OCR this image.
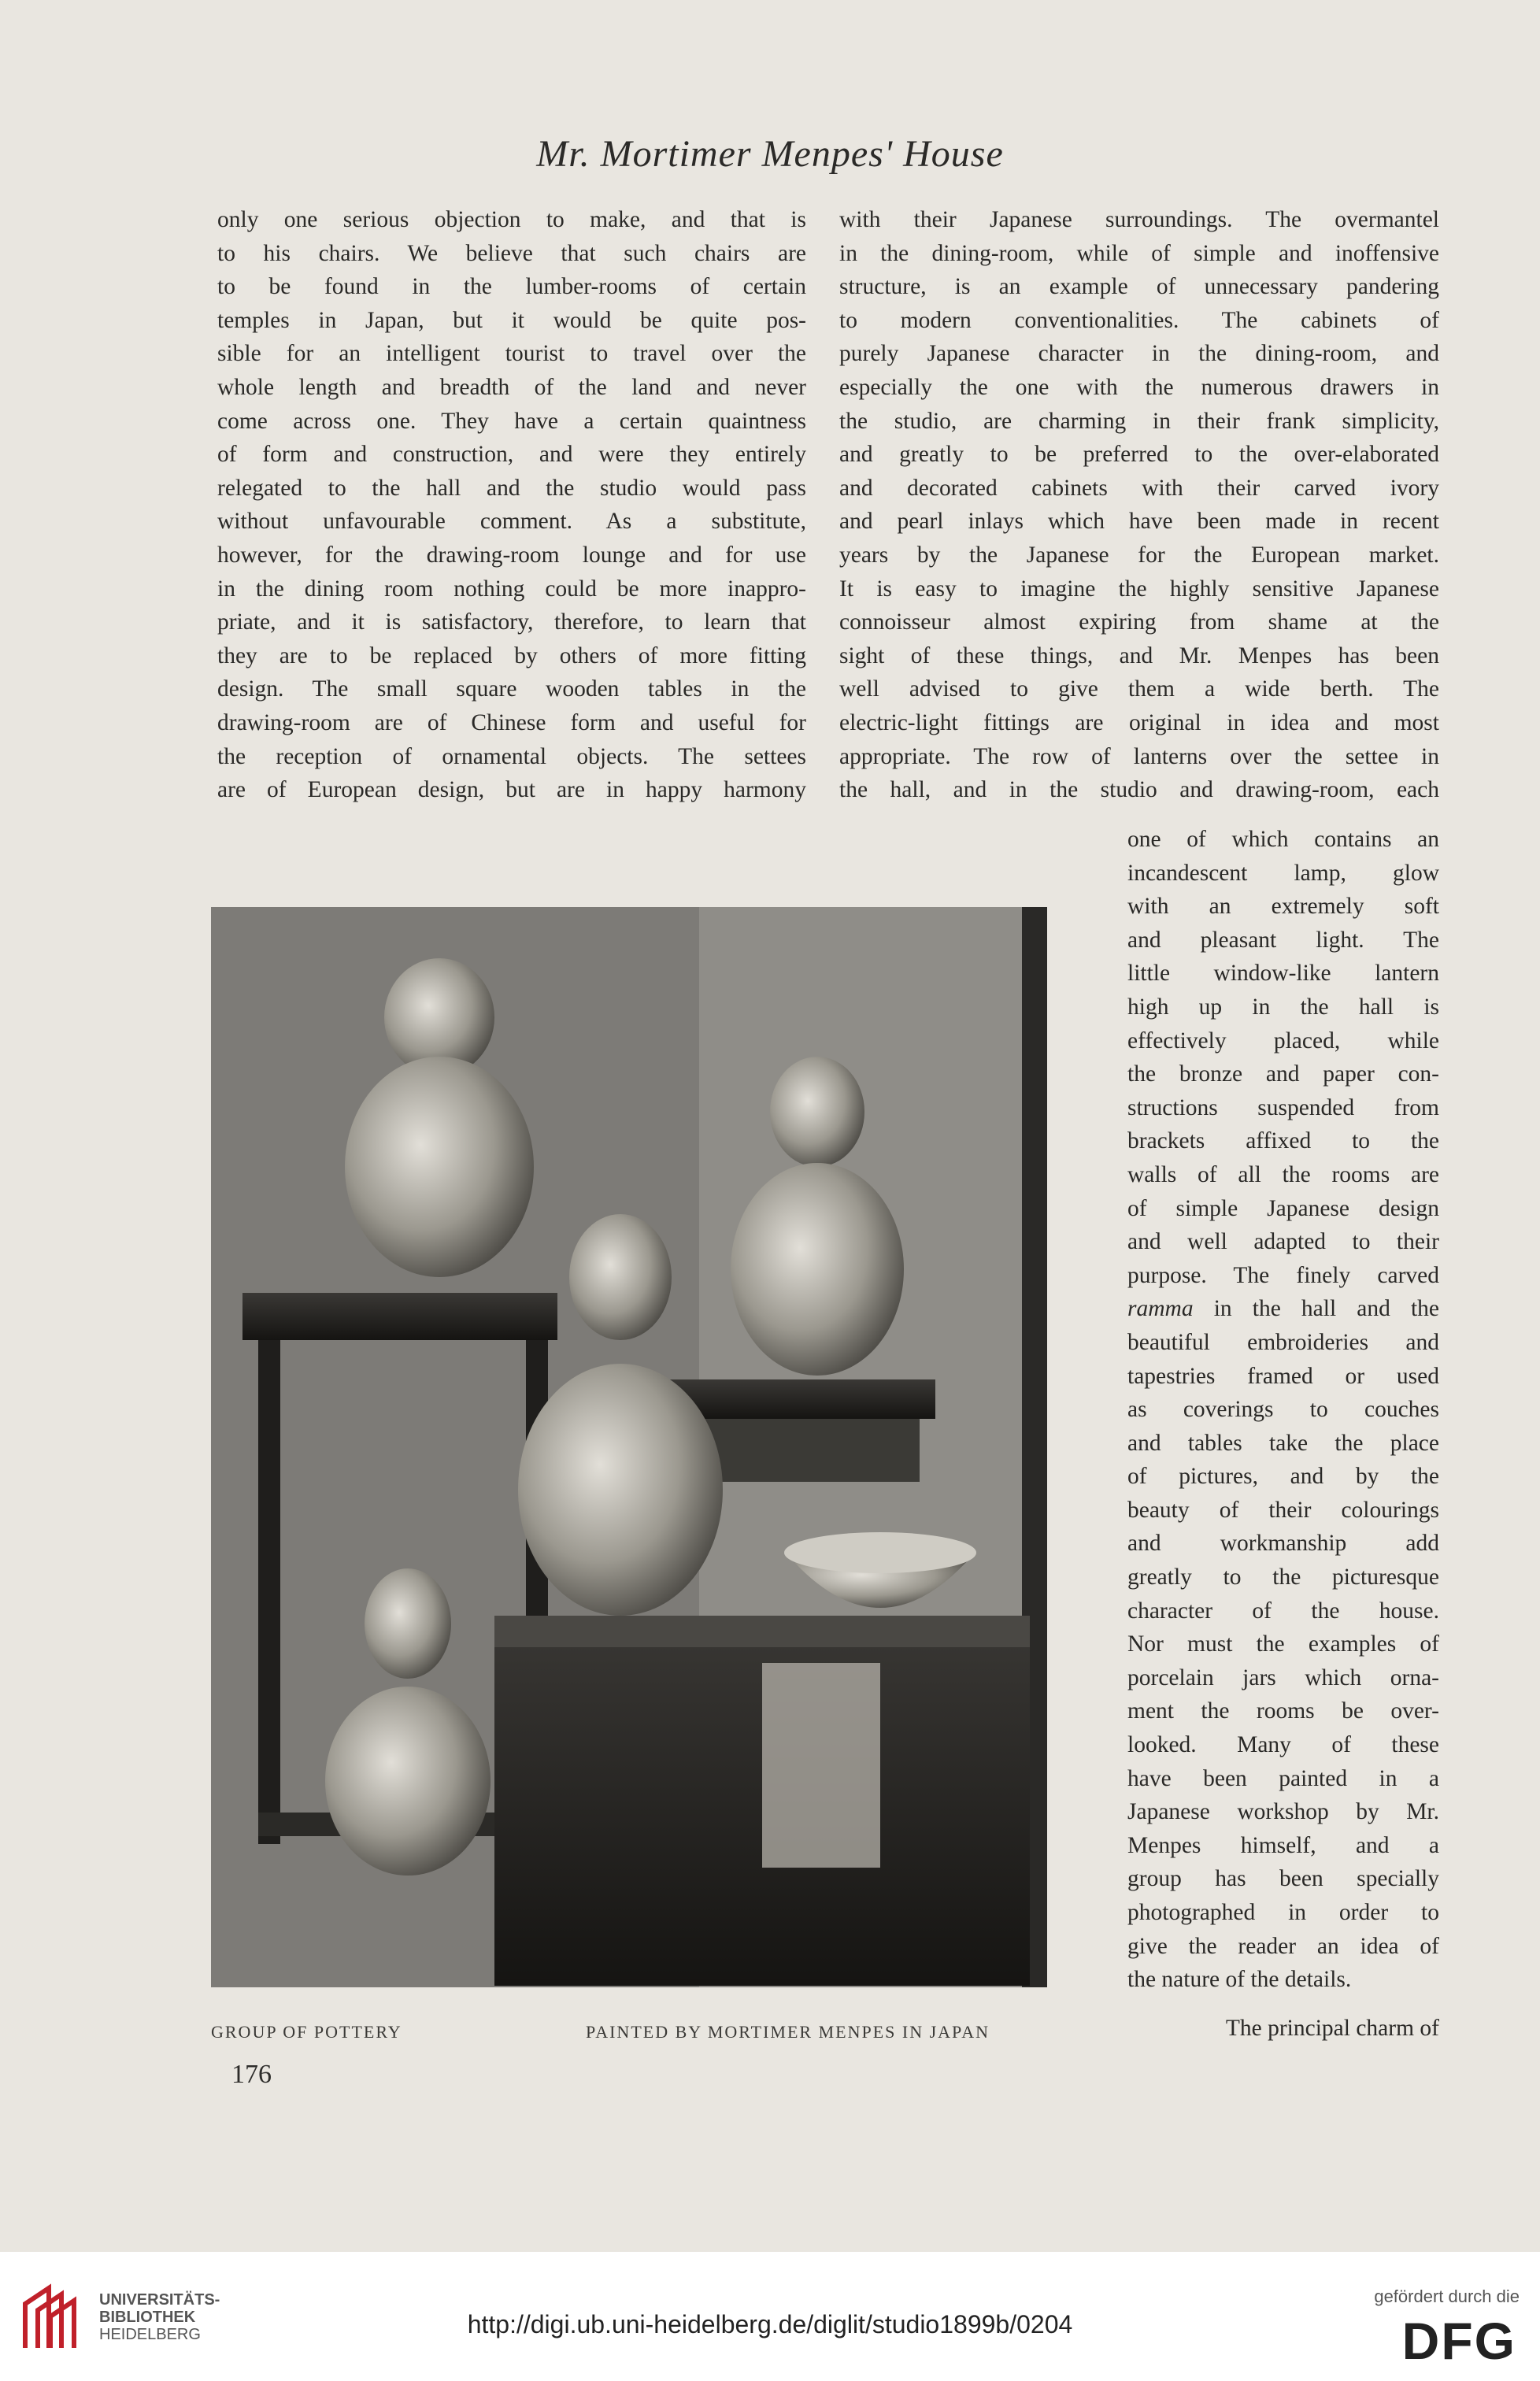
Mr. Mortimer Menpes' House

only one serious objection to make, and that is

to his chairs. We believe that such chairs are

to be found in the lumber-rooms of certain

temples in Japan, but it would be quite pos-

sible for an intelligent tourist to travel over the

whole length and breadth of the land and never

come across one. They have a certain quaintness

of form and construction, and were they entirely

relegated to the hall and the studio would pass

without unfavourable comment. As a substitute,

however, for the drawing-room lounge and for use

in the dining room nothing could be more inappro-

priate, and it is satisfactory, therefore, to learn that

they are to be replaced by others of more fitting

design. The small square wooden tables in the

drawing-room are of Chinese form and useful for

the reception of ornamental objects. The settees

are of European design, but are in happy harmony

with their Japanese surroundings. The overmantel

in the dining-room, while of simple and inoffensive

structure, is an example of unnecessary pandering

to modern conventionalities. The cabinets of

purely Japanese character in the dining-room, and

especially the one with the numerous drawers in

the studio, are charming in their frank simplicity,

and greatly to be preferred to the over-elaborated

and decorated cabinets with their carved ivory

and pearl inlays which have been made in recent

years by the Japanese for the European market.

It is easy to imagine the highly sensitive Japanese

connoisseur almost expiring from shame at the

sight of these things, and Mr. Menpes has been

well advised to give them a wide berth. The

electric-light fittings are original in idea and most

appropriate. The row of lanterns over the settee in

the hall, and in the studio and drawing-room, each

one of which contains an

incandescent lamp, glow

with an extremely soft

and pleasant light. The

little window-like lantern

high up in the hall is

effectively placed, while

the bronze and paper con-

structions suspended from

brackets affixed to the

walls of all the rooms are

of simple Japanese design

and well adapted to their

purpose. The finely carved

ramma in the hall and the

beautiful embroideries and

tapestries framed or used

as coverings to couches

and tables take the place

of pictures, and by the

beauty of their colourings

and workmanship add

greatly to the picturesque

character of the house.

Nor must the examples of

porcelain jars which orna-

ment the rooms be over-

looked. Many of these

have been painted in a

Japanese workshop by Mr.

Menpes himself, and a

group has been specially

photographed in order to

give the reader an idea of

the nature of the details.

GROUP OF POTTERY	PAINTED BY MORTIMER MENPES IN JAPAN	The principal charm of
176
UNIVERSITÄTS-
BIBLIOTHEK
HEIDELBERG	http://digi.ub.uni-heidelberg.de/diglit/studio1899b/0204
gefördert durch die
DFG
